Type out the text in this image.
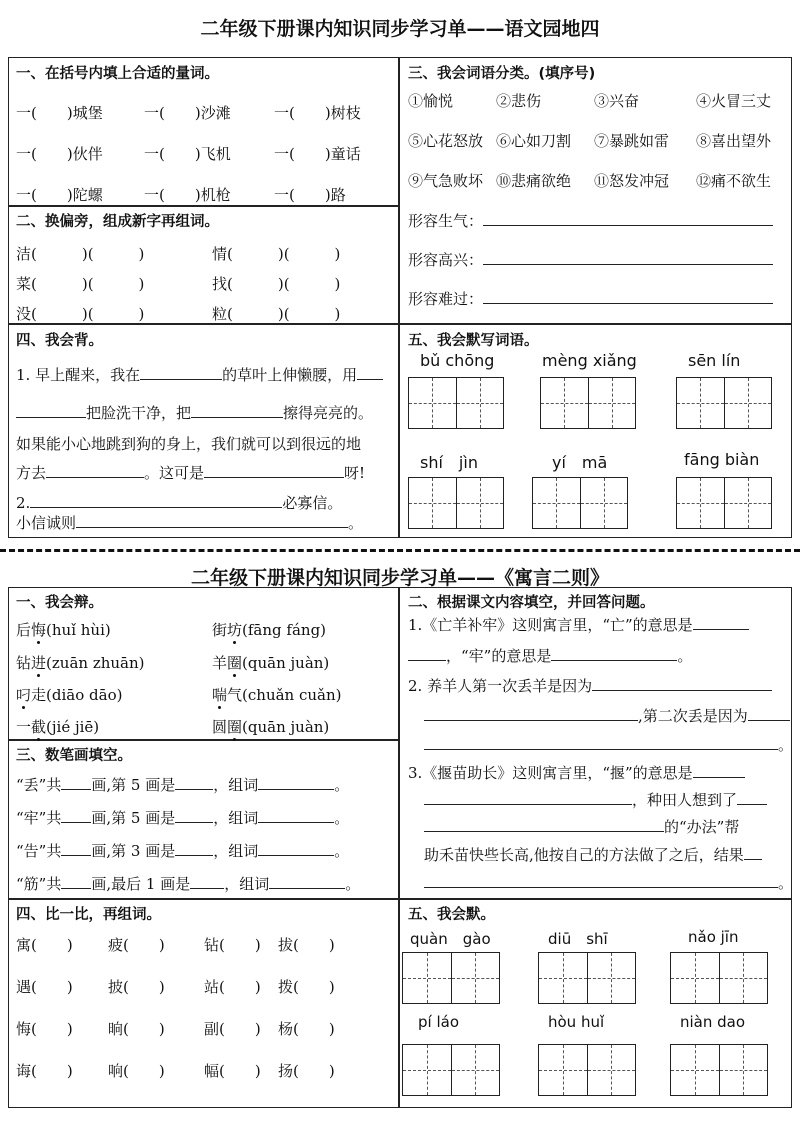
二年级下册课内知识同步学习单——语文园地四
一、在括号内填上合适的量词。
一(　　)城堡	一(　　)沙滩	一(　　)树枝
一(　　)伙伴	一(　　)飞机	一(　　)童话
一(　　)陀螺	一(　　)机枪	一(　　)路
二、换偏旁，组成新字再组词。
洁(　　　)(　　　)	情(　　　)(　　　)
菜(　　　)(　　　)	找(　　　)(　　　)
没(　　　)(　　　)	粒(　　　)(　　　)
三、我会词语分类。(填序号)
①愉悦	②悲伤	③兴奋	④火冒三丈
⑤心花怒放 ⑥心如刀割 ⑦暴跳如雷 ⑧喜出望外
⑨气急败坏 ⑩悲痛欲绝 ⑪怒发冲冠 ⑫痛不欲生
形容生气：
形容高兴：
形容难过：
四、我会背。
1. 早上醒来，我在	的草叶上伸懒腰，用
把脸洗干净，把	擦得亮亮的。
如果能小心地跳到狗的身上，我们就可以到很远的地
方去	。这可是	呀!
2.	必寡信。
小信诚则	。
五、我会默写词语。
bǔ chōng	mèng xiǎng	sēn lín
shí　jìn	yí　mā	fāng biàn
二年级下册课内知识同步学习单——《寓言二则》
一、我会辩。
后悔(huǐ hùi)	街坊(fāng fáng)
钻进(zuān zhuān)	羊圈(quān juàn)
叼走(diāo dāo)	喘气(chuǎn cuǎn)
一截(jié jiē)	圆圈(quān juàn)
三、数笔画填空。
“丢”共 画,第 5 画是	，组词	。
“牢”共 画,第 5 画是	，组词	。
“告”共 画,第 3 画是	，组词	。
“筋”共 画,最后 1 画是 ，组词	。
四、比一比，再组词。
寓(　　) 疲(　　)	钻(　　) 拔(　　)
遇(　　) 披(　　)	站(　　) 拨(　　)
悔(　　) 晌(　　)	副(　　) 杨(　　)
诲(　　) 响(　　)	幅(　　) 扬(　　)
二、根据课文内容填空，并回答问题。
1.《亡羊补牢》这则寓言里，“亡”的意思是
，“牢”的意思是	。
2. 养羊人第一次丢羊是因为
,第二次丢是因为
。
3.《揠苗助长》这则寓言里，“揠”的意思是
，种田人想到了
的“办法”帮
助禾苗快些长高,他按自己的方法做了之后，结果
。
五、我会默。
quàn　gào	diū　shī	nǎo jīn
pí láo	hòu huǐ	niàn dao
